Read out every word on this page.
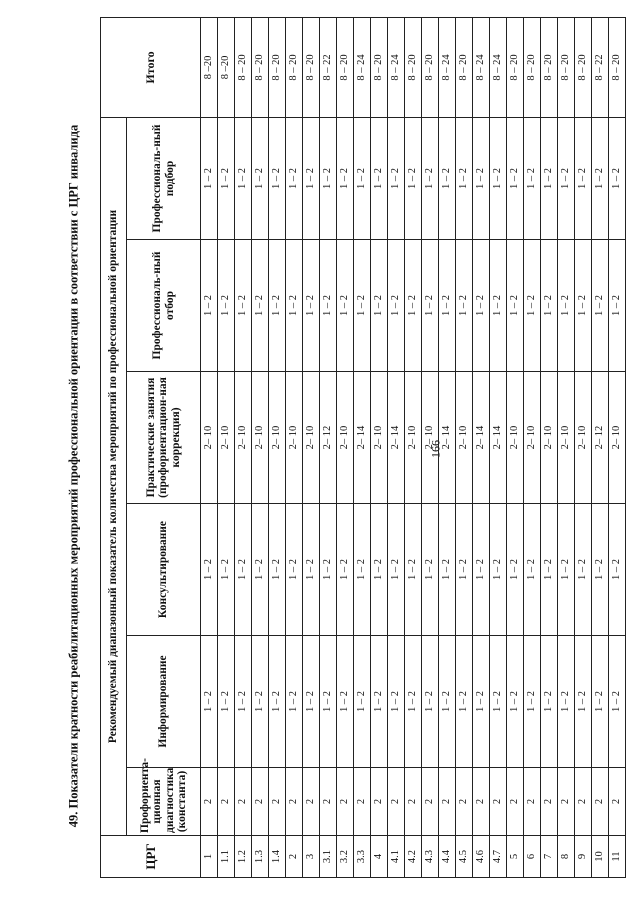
166
49. Показатели кратности реабилитационных мероприятий профессиональной ориентации в соответствии с ЦРГ инвалида
ЦРГ	Рекомендуемый диапазонный показатель количества мероприятий по профессиональной ориентации						Итого
	Профориента-ционная диагностика (константа)	Информирование	Консультирование	Практические занятия (профориентацион-ная коррекция)	Профессиональ-ный отбор	Профессиональ-ный подбор	
1	2	1 – 2	1 – 2	2– 10	1 – 2	1 – 2	8 –20
1.1	2	1 – 2	1 – 2	2– 10	1 – 2	1 – 2	8 –20
1.2	2	1 – 2	1 – 2	2– 10	1 – 2	1 – 2	8 – 20
1.3	2	1 – 2	1 – 2	2– 10	1 – 2	1 – 2	8 – 20
1.4	2	1 – 2	1 – 2	2– 10	1 – 2	1 – 2	8 – 20
2	2	1 – 2	1 – 2	2– 10	1 – 2	1 – 2	8 – 20
3	2	1 – 2	1 – 2	2– 10	1 – 2	1 – 2	8 – 20
3.1	2	1 – 2	1 – 2	2– 12	1 – 2	1 – 2	8 – 22
3.2	2	1 – 2	1 – 2	2– 10	1 – 2	1 – 2	8 – 20
3.3	2	1 – 2	1 – 2	2– 14	1 – 2	1 – 2	8 – 24
4	2	1 – 2	1 – 2	2– 10	1 – 2	1 – 2	8 – 20
4.1	2	1 – 2	1 – 2	2– 14	1 – 2	1 – 2	8 – 24
4.2	2	1 – 2	1 – 2	2– 10	1 – 2	1 – 2	8 – 20
4.3	2	1 – 2	1 – 2	2– 10	1 – 2	1 – 2	8 – 20
4.4	2	1 – 2	1 – 2	2– 14	1 – 2	1 – 2	8 – 24
4.5	2	1 – 2	1 – 2	2– 10	1 – 2	1 – 2	8 – 20
4.6	2	1 – 2	1 – 2	2– 14	1 – 2	1 – 2	8 – 24
4.7	2	1 – 2	1 – 2	2– 14	1 – 2	1 – 2	8 – 24
5	2	1 – 2	1 – 2	2– 10	1 – 2	1 – 2	8 – 20
6	2	1 – 2	1 – 2	2– 10	1 – 2	1 – 2	8 – 20
7	2	1 – 2	1 – 2	2– 10	1 – 2	1 – 2	8 – 20
8	2	1 – 2	1 – 2	2– 10	1 – 2	1 – 2	8 – 20
9	2	1 – 2	1 – 2	2– 10	1 – 2	1 – 2	8 – 20
10	2	1 – 2	1 – 2	2– 12	1 – 2	1 – 2	8 – 22
11	2	1 – 2	1 – 2	2– 10	1 – 2	1 – 2	8 – 20
